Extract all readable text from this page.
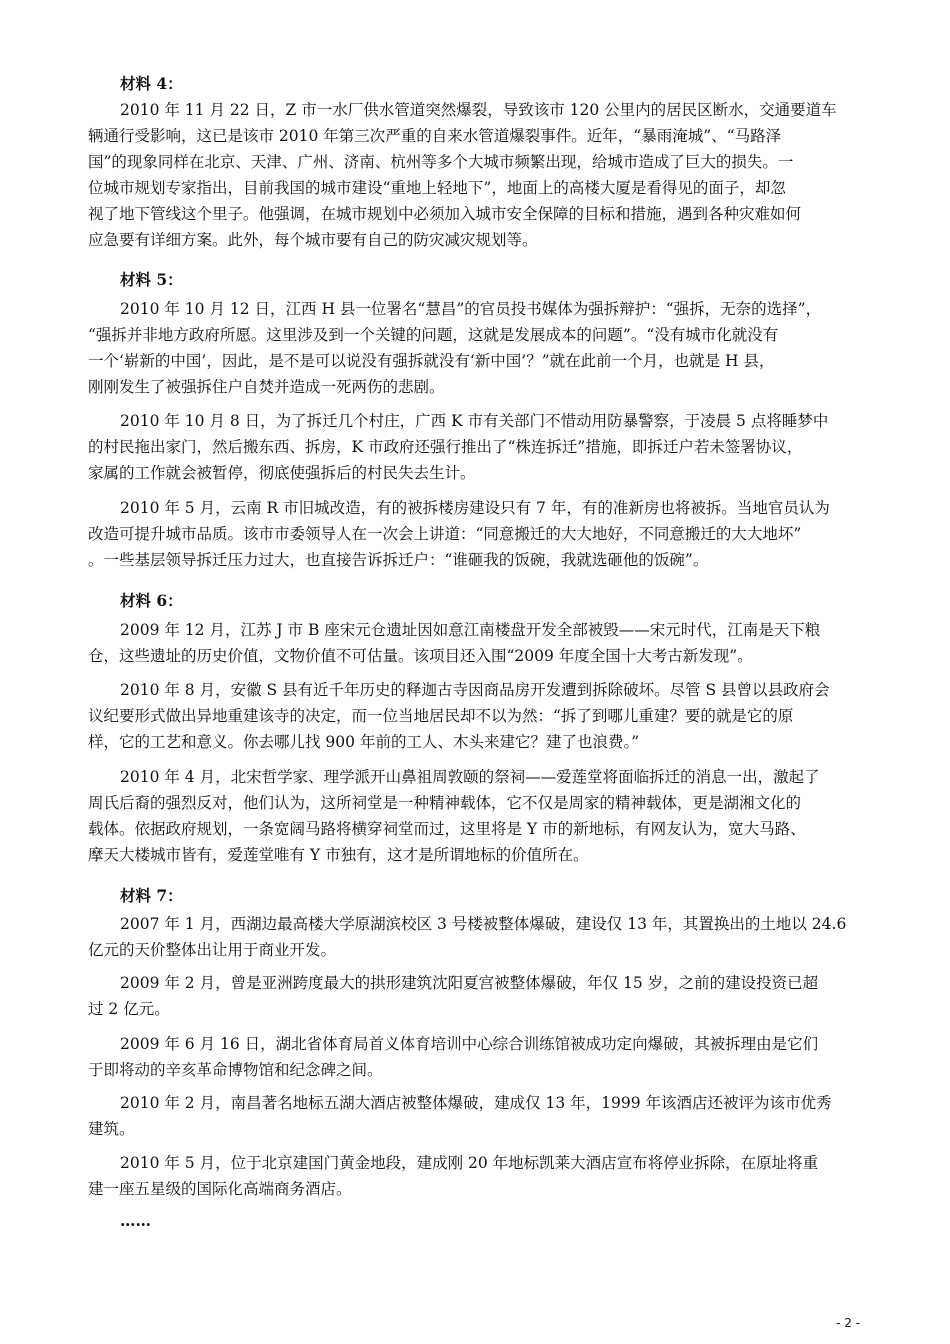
材料 4：
2010 年 11 月 22 日，Z 市一水厂供水管道突然爆裂，导致该市 120 公里内的居民区断水，交通要道车
辆通行受影响，这已是该市 2010 年第三次严重的自来水管道爆裂事件。近年，“暴雨淹城”、“马路泽
国”的现象同样在北京、天津、广州、济南、杭州等多个大城市频繁出现，给城市造成了巨大的损失。一
位城市规划专家指出，目前我国的城市建设“重地上轻地下”，地面上的高楼大厦是看得见的面子，却忽
视了地下管线这个里子。他强调，在城市规划中必须加入城市安全保障的目标和措施，遇到各种灾难如何
应急要有详细方案。此外，每个城市要有自己的防灾减灾规划等。
材料 5：
2010 年 10 月 12 日，江西 H 县一位署名“慧昌”的官员投书媒体为强拆辩护：“强拆，无奈的选择”，
“强拆并非地方政府所愿。这里涉及到一个关键的问题，这就是发展成本的问题”。“没有城市化就没有
一个‘崭新的中国’，因此，是不是可以说没有强拆就没有‘新中国’？”就在此前一个月，也就是 H 县，
刚刚发生了被强拆住户自焚并造成一死两伤的悲剧。
2010 年 10 月 8 日，为了拆迁几个村庄，广西 K 市有关部门不惜动用防暴警察，于凌晨 5 点将睡梦中
的村民拖出家门，然后搬东西、拆房，K 市政府还强行推出了“株连拆迁”措施，即拆迁户若未签署协议，
家属的工作就会被暂停，彻底使强拆后的村民失去生计。
2010 年 5 月，云南 R 市旧城改造，有的被拆楼房建设只有 7 年，有的准新房也将被拆。当地官员认为
改造可提升城市品质。该市市委领导人在一次会上讲道：“同意搬迁的大大地好，不同意搬迁的大大地坏”
。一些基层领导拆迁压力过大，也直接告诉拆迁户：“谁砸我的饭碗，我就选砸他的饭碗”。
材料 6：
2009 年 12 月，江苏 J 市 B 座宋元仓遗址因如意江南楼盘开发全部被毁——宋元时代，江南是天下粮
仓，这些遗址的历史价值，文物价值不可估量。该项目还入围“2009 年度全国十大考古新发现”。
2010 年 8 月，安徽 S 县有近千年历史的释迦古寺因商品房开发遭到拆除破坏。尽管 S 县曾以县政府会
议纪要形式做出异地重建该寺的决定，而一位当地居民却不以为然：“拆了到哪儿重建？要的就是它的原
样，它的工艺和意义。你去哪儿找 900 年前的工人、木头来建它？建了也浪费。”
2010 年 4 月，北宋哲学家、理学派开山鼻祖周敦颐的祭祠——爱莲堂将面临拆迁的消息一出，激起了
周氏后裔的强烈反对，他们认为，这所祠堂是一种精神载体，它不仅是周家的精神载体，更是湖湘文化的
载体。依据政府规划，一条宽阔马路将横穿祠堂而过，这里将是 Y 市的新地标，有网友认为，宽大马路、
摩天大楼城市皆有，爱莲堂唯有 Y 市独有，这才是所谓地标的价值所在。
材料 7：
2007 年 1 月，西湖边最高楼大学原湖滨校区 3 号楼被整体爆破，建设仅 13 年，其置换出的土地以 24.6
亿元的天价整体出让用于商业开发。
2009 年 2 月，曾是亚洲跨度最大的拱形建筑沈阳夏宫被整体爆破，年仅 15 岁，之前的建设投资已超
过 2 亿元。
2009 年 6 月 16 日，湖北省体育局首义体育培训中心综合训练馆被成功定向爆破，其被拆理由是它们
于即将动的辛亥革命博物馆和纪念碑之间。
2010 年 2 月，南昌著名地标五湖大酒店被整体爆破，建成仅 13 年，1999 年该酒店还被评为该市优秀
建筑。
2010 年 5 月，位于北京建国门黄金地段，建成刚 20 年地标凯莱大酒店宣布将停业拆除，在原址将重
建一座五星级的国际化高端商务酒店。
……
- 2 -
